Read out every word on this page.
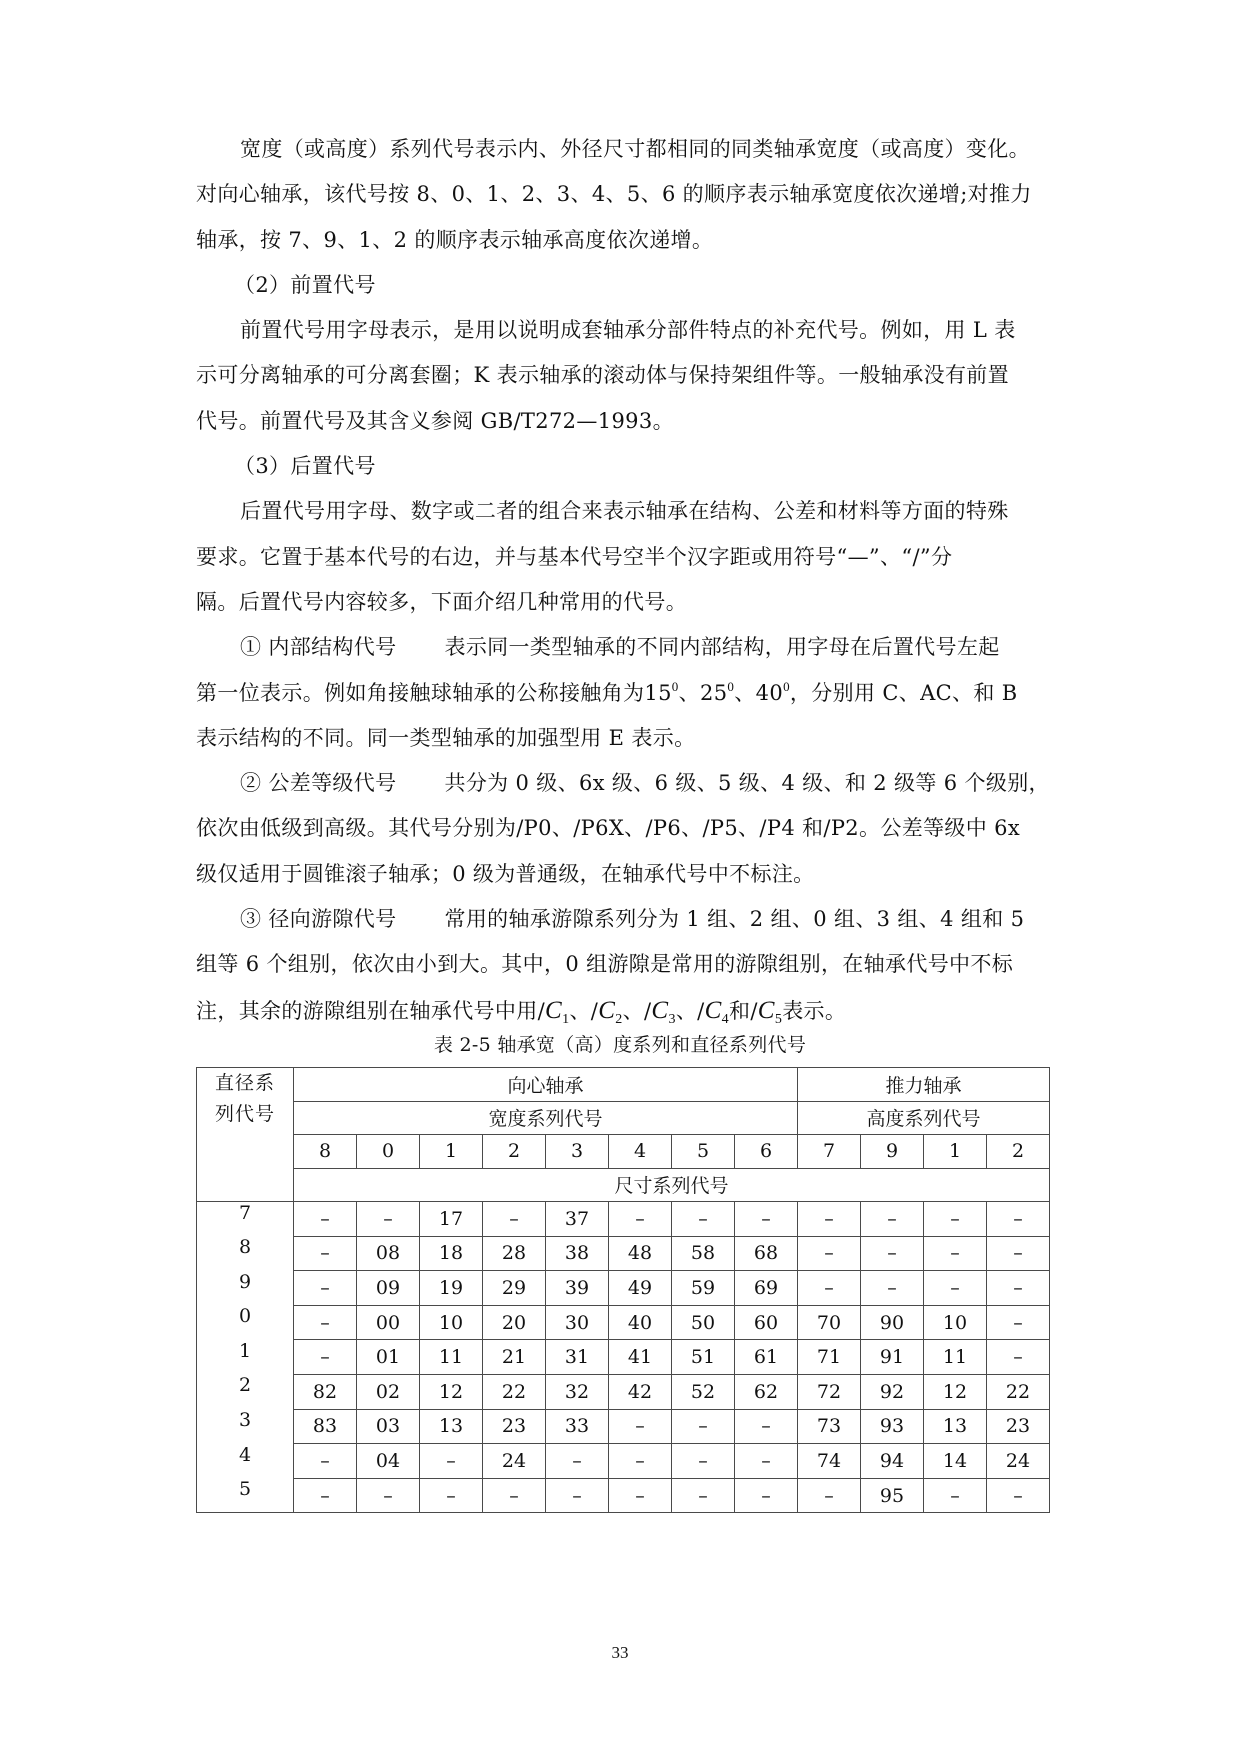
宽度（或高度）系列代号表示内、外径尺寸都相同的同类轴承宽度（或高度）变化。
对向心轴承，该代号按 8、0、1、2、3、4、5、6 的顺序表示轴承宽度依次递增;对推力
轴承，按 7、9、1、2 的顺序表示轴承高度依次递增。
（2）前置代号
前置代号用字母表示，是用以说明成套轴承分部件特点的补充代号。例如，用 L 表
示可分离轴承的可分离套圈；K 表示轴承的滚动体与保持架组件等。一般轴承没有前置
代号。前置代号及其含义参阅 GB/T272—1993。
（3）后置代号
后置代号用字母、数字或二者的组合来表示轴承在结构、公差和材料等方面的特殊
要求。它置于基本代号的右边，并与基本代号空半个汉字距或用符号“—”、“/”分
隔。后置代号内容较多，下面介绍几种常用的代号。
① 内部结构代号 表示同一类型轴承的不同内部结构，用字母在后置代号左起
第一位表示。例如角接触球轴承的公称接触角为$15^0$、$25^0$、$40^0$，分别用 C、AC、和 B
表示结构的不同。同一类型轴承的加强型用 E 表示。
② 公差等级代号 共分为 0 级、6x 级、6 级、5 级、4 级、和 2 级等 6 个级别，
依次由低级到高级。其代号分别为/P0、/P6X、/P6、/P5、/P4 和/P2。公差等级中 6x
级仅适用于圆锥滚子轴承；0 级为普通级，在轴承代号中不标注。
③ 径向游隙代号 常用的轴承游隙系列分为 1 组、2 组、0 组、3 组、4 组和 5
组等 6 个组别，依次由小到大。其中，0 组游隙是常用的游隙组别，在轴承代号中不标
注，其余的游隙组别在轴承代号中用$/C_1$、$/C_2$、$/C_3$、$/C_4$和$/C_5$表示。
表 2-5 轴承宽（高）度系列和直径系列代号
直径系
列代号	向心轴承								推力轴承			
	宽度系列代号								高度系列代号			
	8	0	1	2	3	4	5	6	7	9	1	2
	尺寸系列代号											
7	–	–	17	–	37	–	–	–	–	–	–	–
8	–	08	18	28	38	48	58	68	–	–	–	–
9	–	09	19	29	39	49	59	69	–	–	–	–
0	–	00	10	20	30	40	50	60	70	90	10	–
1	–	01	11	21	31	41	51	61	71	91	11	–
2	82	02	12	22	32	42	52	62	72	92	12	22
3	83	03	13	23	33	–	–	–	73	93	13	23
4	–	04	–	24	–	–	–	–	74	94	14	24
5	–	–	–	–	–	–	–	–	–	95	–	–
33
